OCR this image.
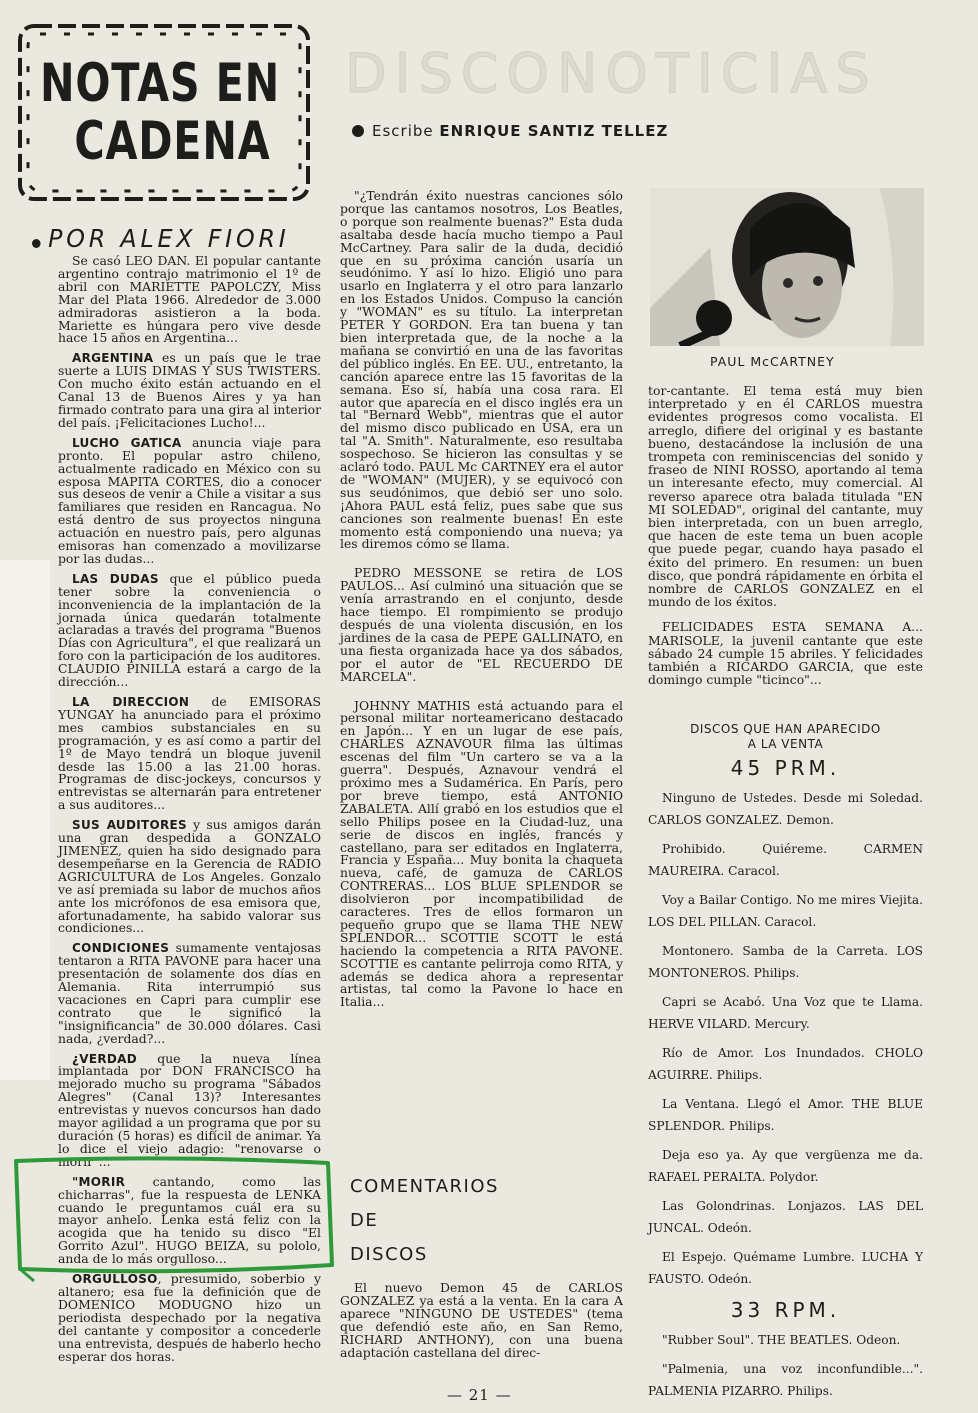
NOTAS EN
CADENA
POR ALEX FIORI
DISCONOTICIAS
Escribe ENRIQUE SANTIZ TELLEZ

Se casó LEO DAN. El popular cantante argentino contrajo matrimonio el 1º de abril con MARIETTE PAPOLCZY, Miss Mar del Plata 1966. Alrededor de 3.000 admiradoras asistieron a la boda. Mariette es húngara pero vive desde hace 15 años en Argentina...

ARGENTINA es un país que le trae suerte a LUIS DIMAS Y SUS TWISTERS. Con mucho éxito están actuando en el Canal 13 de Buenos Aires y ya han firmado contrato para una gira al interior del país. ¡Felicitaciones Lucho!...

LUCHO GATICA anuncia viaje para pronto. El popular astro chileno, actualmente radicado en México con su esposa MAPITA CORTES, dio a conocer sus deseos de venir a Chile a visitar a sus familiares que residen en Rancagua. No está dentro de sus proyectos ninguna actuación en nuestro país, pero algunas emisoras han comenzado a movilizarse por las dudas...

LAS DUDAS que el público pueda tener sobre la conveniencia o inconveniencia de la implantación de la jornada única quedarán totalmente aclaradas a través del programa "Buenos Días con Agricultura", el que realizará un foro con la participación de los auditores. CLAUDIO PINILLA estará a cargo de la dirección...

LA DIRECCION de EMISORAS YUNGAY ha anunciado para el próximo mes cambios substanciales en su programación, y es así como a partir del 1º de Mayo tendrá un bloque juvenil desde las 15.00 a las 21.00 horas. Programas de disc-jockeys, concursos y entrevistas se alternarán para entretener a sus auditores...

SUS AUDITORES y sus amigos darán una gran despedida a GONZALO JIMENEZ, quien ha sido designado para desempeñarse en la Gerencia de RADIO AGRICULTURA de Los Angeles. Gonzalo ve así premiada su labor de muchos años ante los micrófonos de esa emisora que, afortunadamente, ha sabido valorar sus condiciones...

CONDICIONES sumamente ventajosas tentaron a RITA PAVONE para hacer una presentación de solamente dos días en Alemania. Rita interrumpió sus vacaciones en Capri para cumplir ese contrato que le significó la "insignificancia" de 30.000 dólares. Casi nada, ¿verdad?...

¿VERDAD que la nueva línea implantada por DON FRANCISCO ha mejorado mucho su programa "Sábados Alegres" (Canal 13)? Interesantes entrevistas y nuevos concursos han dado mayor agilidad a un programa que por su duración (5 horas) es difícil de animar. Ya lo dice el viejo adagio: "renovarse o morir"...

"MORIR cantando, como las chicharras", fue la respuesta de LENKA cuando le preguntamos cuál era su mayor anhelo. Lenka está feliz con la acogida que ha tenido su disco "El Gorrito Azul". HUGO BEIZA, su pololo, anda de lo más orgulloso...

ORGULLOSO, presumido, soberbio y altanero; esa fue la definición que de DOMENICO MODUGNO hizo un periodista despechado por la negativa del cantante y compositor a concederle una entrevista, después de haberlo hecho esperar dos horas.

"¿Tendrán éxito nuestras canciones sólo porque las cantamos nosotros, Los Beatles, o porque son realmente buenas?" Esta duda asaltaba desde hacía mucho tiempo a Paul McCartney. Para salir de la duda, decidió que en su próxima canción usaría un seudónimo. Y así lo hizo. Eligió uno para usarlo en Inglaterra y el otro para lanzarlo en los Estados Unidos. Compuso la canción y "WOMAN" es su título. La interpretan PETER Y GORDON. Era tan buena y tan bien interpretada que, de la noche a la mañana se convirtió en una de las favoritas del público inglés. En EE. UU., entretanto, la canción aparece entre las 15 favoritas de la semana. Eso sí, había una cosa rara. El autor que aparecía en el disco inglés era un tal "Bernard Webb", mientras que el autor del mismo disco publicado en USA, era un tal "A. Smith". Naturalmente, eso resultaba sospechoso. Se hicieron las consultas y se aclaró todo. PAUL Mc CARTNEY era el autor de "WOMAN" (MUJER), y se equivocó con sus seudónimos, que debió ser uno solo. ¡Ahora PAUL está feliz, pues sabe que sus canciones son realmente buenas! En este momento está componiendo una nueva; ya les diremos cómo se llama.

PEDRO MESSONE se retira de LOS PAULOS... Así culminó una situación que se venía arrastrando en el conjunto, desde hace tiempo. El rompimiento se produjo después de una violenta discusión, en los jardines de la casa de PEPE GALLINATO, en una fiesta organizada hace ya dos sábados, por el autor de "EL RECUERDO DE MARCELA".

JOHNNY MATHIS está actuando para el personal militar norteamericano destacado en Japón... Y en un lugar de ese país, CHARLES AZNAVOUR filma las últimas escenas del film "Un cartero se va a la guerra". Después, Aznavour vendrá el próximo mes a Sudamérica. En París, pero por breve tiempo, está ANTONIO ZABALETA. Allí grabó en los estudios que el sello Philips posee en la Ciudad-luz, una serie de discos en inglés, francés y castellano, para ser editados en Inglaterra, Francia y España... Muy bonita la chaqueta nueva, café, de gamuza de CARLOS CONTRERAS... LOS BLUE SPLENDOR se disolvieron por incompatibilidad de caracteres. Tres de ellos formaron un pequeño grupo que se llama THE NEW SPLENDOR... SCOTTIE SCOTT le está haciendo la competencia a RITA PAVONE. SCOTTIE es cantante pelirroja como RITA, y además se dedica ahora a representar artistas, tal como la Pavone lo hace en Italia...

PAUL McCARTNEY

tor-cantante. El tema está muy bien interpretado y en él CARLOS muestra evidentes progresos como vocalista. El arreglo, difiere del original y es bastante bueno, destacándose la inclusión de una trompeta con reminiscencias del sonido y fraseo de NINI ROSSO, aportando al tema un interesante efecto, muy comercial. Al reverso aparece otra balada titulada "EN MI SOLEDAD", original del cantante, muy bien interpretada, con un buen arreglo, que hacen de este tema un buen acople que puede pegar, cuando haya pasado el éxito del primero. En resumen: un buen disco, que pondrá rápidamente en órbita el nombre de CARLOS GONZALEZ en el mundo de los éxitos.

FELICIDADES ESTA SEMANA A... MARISOLE, la juvenil cantante que este sábado 24 cumple 15 abriles. Y felicidades también a RICARDO GARCIA, que este domingo cumple "ticinco"...

DISCOS QUE HAN APARECIDO
A LA VENTA
45 PRM.

Ninguno de Ustedes. Desde mi Soledad. CARLOS GONZALEZ. Demon.

Prohibido. Quiéreme. CARMEN MAUREIRA. Caracol.

Voy a Bailar Contigo. No me mires Viejita. LOS DEL PILLAN. Caracol.

Montonero. Samba de la Carreta. LOS MONTONEROS. Philips.

Capri se Acabó. Una Voz que te Llama. HERVE VILARD. Mercury.

Río de Amor. Los Inundados. CHOLO AGUIRRE. Philips.

La Ventana. Llegó el Amor. THE BLUE SPLENDOR. Philips.

Deja eso ya. Ay que vergüenza me da. RAFAEL PERALTA. Polydor.

Las Golondrinas. Lonjazos. LAS DEL JUNCAL. Odeón.

El Espejo. Quémame Lumbre. LUCHA Y FAUSTO. Odeón.

33 RPM.

"Rubber Soul". THE BEATLES. Odeon.

"Palmenia, una voz inconfundible...". PALMENIA PIZARRO. Philips.

COMENTARIOS
DE
DISCOS

El nuevo Demon 45 de CARLOS GONZALEZ ya está a la venta. En la cara A aparece "NINGUNO DE USTEDES" (tema que defendió este año, en San Remo, RICHARD ANTHONY), con una buena adaptación castellana del direc-

— 21 —
